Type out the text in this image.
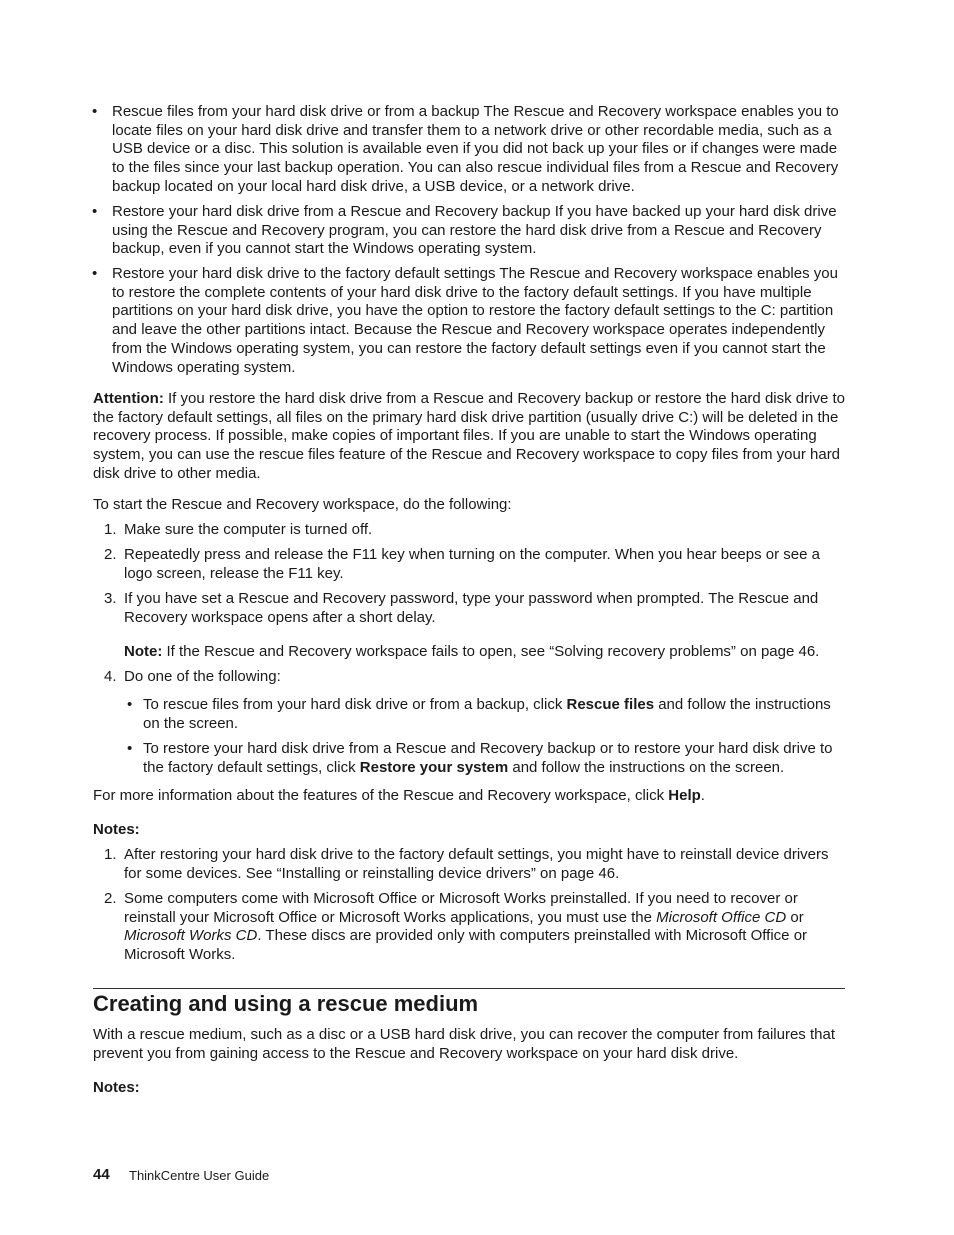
• Rescue files from your hard disk drive or from a backup The Rescue and Recovery workspace enables you to locate files on your hard disk drive and transfer them to a network drive or other recordable media, such as a USB device or a disc. This solution is available even if you did not back up your files or if changes were made to the files since your last backup operation. You can also rescue individual files from a Rescue and Recovery backup located on your local hard disk drive, a USB device, or a network drive.
• Restore your hard disk drive from a Rescue and Recovery backup If you have backed up your hard disk drive using the Rescue and Recovery program, you can restore the hard disk drive from a Rescue and Recovery backup, even if you cannot start the Windows operating system.
• Restore your hard disk drive to the factory default settings The Rescue and Recovery workspace enables you to restore the complete contents of your hard disk drive to the factory default settings. If you have multiple partitions on your hard disk drive, you have the option to restore the factory default settings to the C: partition and leave the other partitions intact. Because the Rescue and Recovery workspace operates independently from the Windows operating system, you can restore the factory default settings even if you cannot start the Windows operating system.
Attention: If you restore the hard disk drive from a Rescue and Recovery backup or restore the hard disk drive to the factory default settings, all files on the primary hard disk drive partition (usually drive C:) will be deleted in the recovery process. If possible, make copies of important files. If you are unable to start the Windows operating system, you can use the rescue files feature of the Rescue and Recovery workspace to copy files from your hard disk drive to other media.
To start the Rescue and Recovery workspace, do the following:
1. Make sure the computer is turned off.
2. Repeatedly press and release the F11 key when turning on the computer. When you hear beeps or see a logo screen, release the F11 key.
3. If you have set a Rescue and Recovery password, type your password when prompted. The Rescue and Recovery workspace opens after a short delay.
Note: If the Rescue and Recovery workspace fails to open, see “Solving recovery problems” on page 46.
4. Do one of the following:
• To rescue files from your hard disk drive or from a backup, click Rescue files and follow the instructions on the screen.
• To restore your hard disk drive from a Rescue and Recovery backup or to restore your hard disk drive to the factory default settings, click Restore your system and follow the instructions on the screen.
For more information about the features of the Rescue and Recovery workspace, click Help.
Notes:
1. After restoring your hard disk drive to the factory default settings, you might have to reinstall device drivers for some devices. See “Installing or reinstalling device drivers” on page 46.
2. Some computers come with Microsoft Office or Microsoft Works preinstalled. If you need to recover or reinstall your Microsoft Office or Microsoft Works applications, you must use the Microsoft Office CD or Microsoft Works CD. These discs are provided only with computers preinstalled with Microsoft Office or Microsoft Works.
With a rescue medium, such as a disc or a USB hard disk drive, you can recover the computer from failures that prevent you from gaining access to the Rescue and Recovery workspace on your hard disk drive.
Notes:
Creating and using a rescue medium
44 ThinkCentre User Guide
